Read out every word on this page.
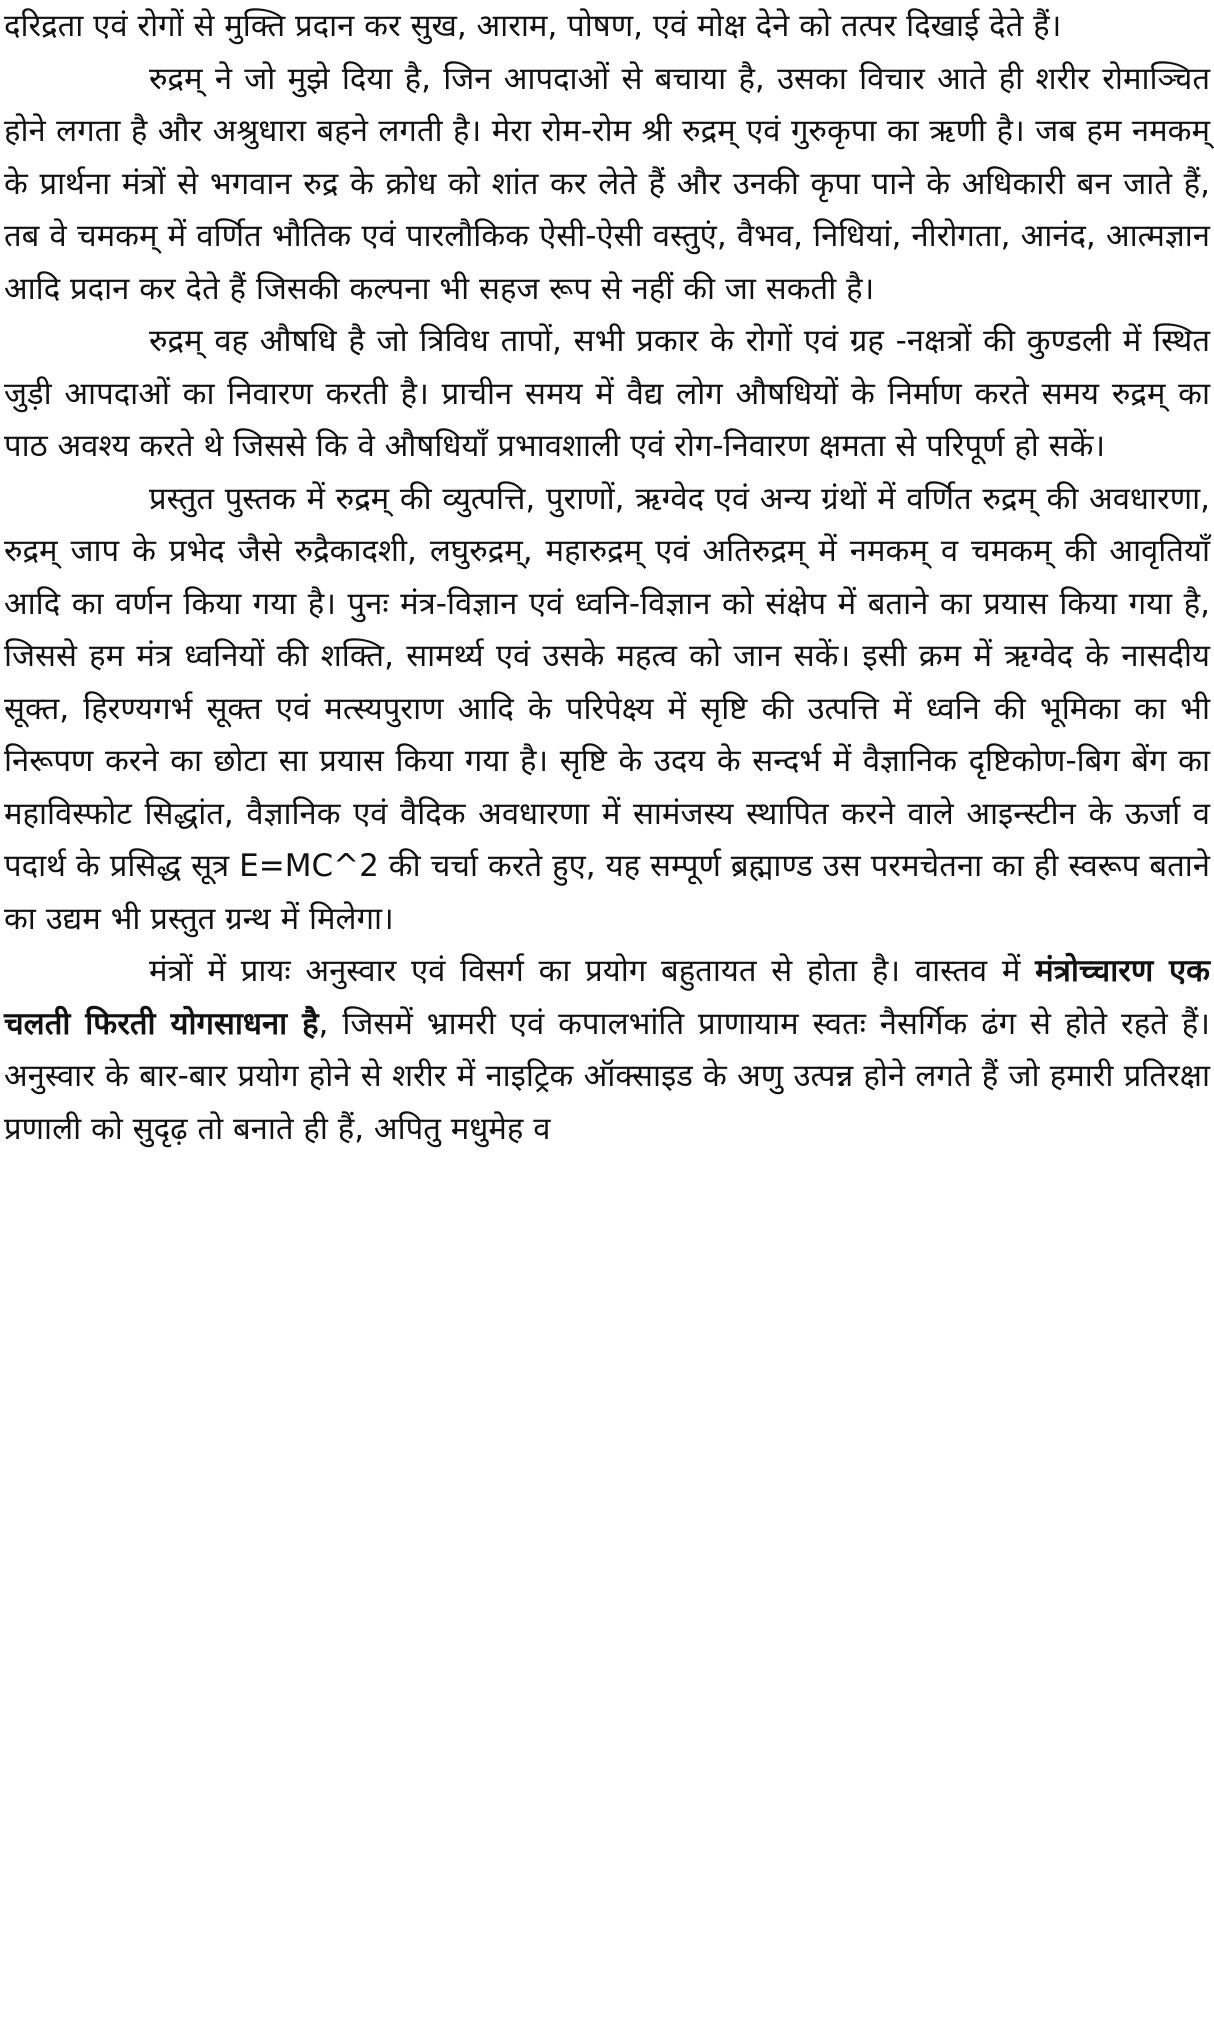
दरिद्रता एवं रोगों से मुक्ति प्रदान कर सुख, आराम, पोषण, एवं मोक्ष देने को तत्पर दिखाई देते हैं।

रुद्रम् ने जो मुझे दिया है, जिन आपदाओं से बचाया है, उसका विचार आते ही शरीर रोमाञ्चित होने लगता है और अश्रुधारा बहने लगती है। मेरा रोम-रोम श्री रुद्रम् एवं गुरुकृपा का ऋणी है। जब हम नमकम् के प्रार्थना मंत्रों से भगवान रुद्र के क्रोध को शांत कर लेते हैं और उनकी कृपा पाने के अधिकारी बन जाते हैं, तब वे चमकम् में वर्णित भौतिक एवं पारलौकिक ऐसी-ऐसी वस्तुएं, वैभव, निधियां, नीरोगता, आनंद, आत्मज्ञान आदि प्रदान कर देते हैं जिसकी कल्पना भी सहज रूप से नहीं की जा सकती है।

रुद्रम् वह औषधि है जो त्रिविध तापों, सभी प्रकार के रोगों एवं ग्रह -नक्षत्रों की कुण्डली में स्थित जुड़ी आपदाओं का निवारण करती है। प्राचीन समय में वैद्य लोग औषधियों के निर्माण करते समय रुद्रम् का पाठ अवश्य करते थे जिससे कि वे औषधियाँ प्रभावशाली एवं रोग-निवारण क्षमता से परिपूर्ण हो सकें।

प्रस्तुत पुस्तक में रुद्रम् की व्युत्पत्ति, पुराणों, ऋग्वेद एवं अन्य ग्रंथों में वर्णित रुद्रम् की अवधारणा, रुद्रम् जाप के प्रभेद जैसे रुद्रैकादशी, लघुरुद्रम्, महारुद्रम् एवं अतिरुद्रम् में नमकम् व चमकम् की आवृतियाँ आदि का वर्णन किया गया है। पुनः मंत्र-विज्ञान एवं ध्वनि-विज्ञान को संक्षेप में बताने का प्रयास किया गया है, जिससे हम मंत्र ध्वनियों की शक्ति, सामर्थ्य एवं उसके महत्व को जान सकें। इसी क्रम में ऋग्वेद के नासदीय सूक्त, हिरण्यगर्भ सूक्त एवं मत्स्यपुराण आदि के परिपेक्ष्य में सृष्टि की उत्पत्ति में ध्वनि की भूमिका का भी निरूपण करने का छोटा सा प्रयास किया गया है। सृष्टि के उदय के सन्दर्भ में वैज्ञानिक दृष्टिकोण-बिग बेंग का महाविस्फोट सिद्धांत, वैज्ञानिक एवं वैदिक अवधारणा में सामंजस्य स्थापित करने वाले आइन्स्टीन के ऊर्जा व पदार्थ के प्रसिद्ध सूत्र E=MC^2 की चर्चा करते हुए, यह सम्पूर्ण ब्रह्माण्ड उस परमचेतना का ही स्वरूप बताने का उद्यम भी प्रस्तुत ग्रन्थ में मिलेगा।

मंत्रों में प्रायः अनुस्वार एवं विसर्ग का प्रयोग बहुतायत से होता है। वास्तव में मंत्रोच्चारण एक चलती फिरती योगसाधना है, जिसमें भ्रामरी एवं कपालभांति प्राणायाम स्वतः नैसर्गिक ढंग से होते रहते हैं। अनुस्वार के बार-बार प्रयोग होने से शरीर में नाइट्रिक ऑक्साइड के अणु उत्पन्न होने लगते हैं जो हमारी प्रतिरक्षा प्रणाली को सुदृढ़ तो बनाते ही हैं, अपितु मधुमेह व
